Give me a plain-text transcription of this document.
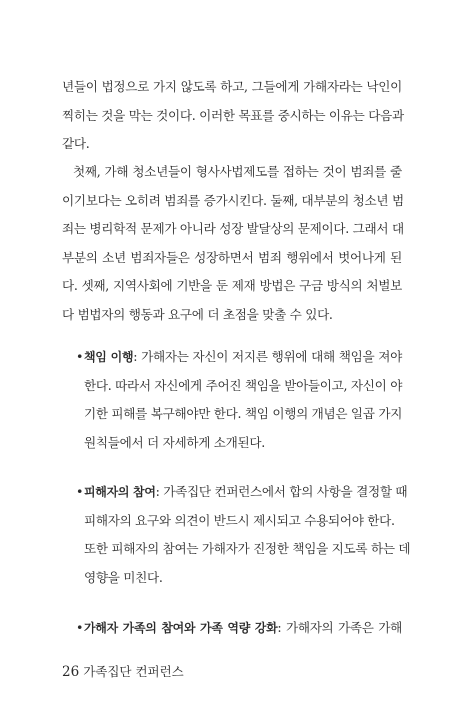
년들이 법정으로 가지 않도록 하고, 그들에게 가해자라는 낙인이
찍히는 것을 막는 것이다. 이러한 목표를 중시하는 이유는 다음과
같다.
첫째, 가해 청소년들이 형사사법제도를 접하는 것이 범죄를 줄
이기보다는 오히려 범죄를 증가시킨다. 둘째, 대부분의 청소년 범
죄는 병리학적 문제가 아니라 성장 발달상의 문제이다. 그래서 대
부분의 소년 범죄자들은 성장하면서 범죄 행위에서 벗어나게 된
다. 셋째, 지역사회에 기반을 둔 제재 방법은 구금 방식의 처벌보
다 범법자의 행동과 요구에 더 초점을 맞출 수 있다.
•책임 이행: 가해자는 자신이 저지른 행위에 대해 책임을 져야
한다. 따라서 자신에게 주어진 책임을 받아들이고, 자신이 야
기한 피해를 복구해야만 한다. 책임 이행의 개념은 일곱 가지
원칙들에서 더 자세하게 소개된다.
•피해자의 참여: 가족집단 컨퍼런스에서 합의 사항을 결정할 때
피해자의 요구와 의견이 반드시 제시되고 수용되어야 한다.
또한 피해자의 참여는 가해자가 진정한 책임을 지도록 하는 데
영향을 미친다.
•가해자 가족의 참여와 가족 역량 강화: 가해자의 가족은 가해
26 가족집단 컨퍼런스
